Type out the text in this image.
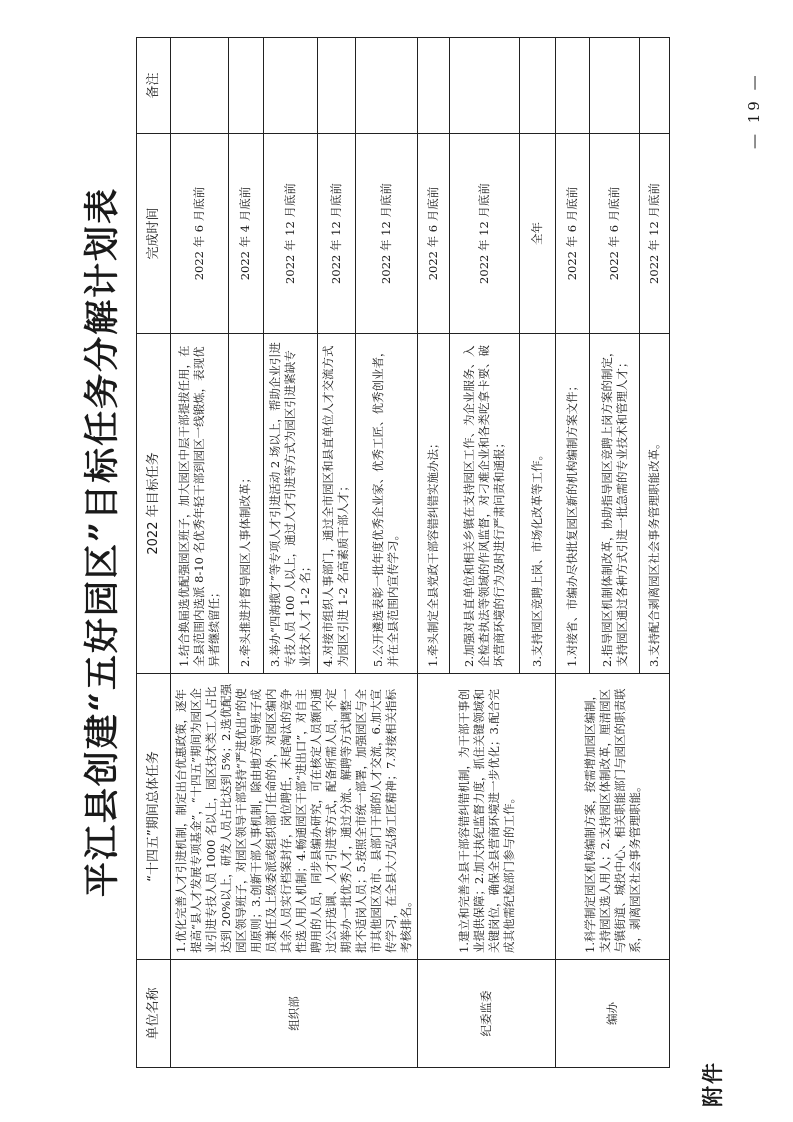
附件
平江县创建“五好园区”目标任务分解计划表
单位名称	“十四五”期间总体任务	2022 年目标任务	完成时间	备注
组织部	1.优化完善人才引进机制，制定出台优惠政策，逐年提高“县人才发展专项基金”，“十四五”期间为园区企业引进专技人员 1000 名以上，园区技术类工人占比达到 20%以上，研发人员占比达到 5%；2.选优配强园区领导班子，对园区领导干部坚持“严进优出”的使用原则；3.创新干部人事机制，除由地方领导班子成员兼任及上级委派或组织部门任命的外，对园区编内其余人员实行档案封存，岗位聘任，末尾淘汰的竞争性选人用人机制；4.畅通园区干部“进出口”，对自主聘用的人员，同步县编办研究，可在核定人员额内通过公开选调、人才引进等方式，配备所需人员，不定期举办一批优秀人才，通过分流、解聘等方式调整一批不适岗人员；5.按照全市统一部署，加强园区与全市其他园区及市、县部门干部的人才交流，6.加大宣传学习，在全县大力弘扬工匠精神；7.对接相关指标考核排名。	1.结合换届选优配强园区班子，加大园区中层干部提拔任用，在全县范围内选派 8-10 名优秀年轻干部到园区一线锻炼，表现优异者继续留任；	2022 年 6 月底前	
		2.牵头推进并督导园区人事体制改革；	2022 年 4 月底前	
		3.举办“四海揽才”等专项人才引进活动 2 场以上，帮助企业引进专技人员 100 人以上，通过人才引进等方式为园区引进紧缺专业技术人才 1-2 名；	2022 年 12 月底前	
		4.对接市组织人事部门，通过全市园区和县直单位人才交流方式为园区引进 1-2 名高素质干部人才；	2022 年 12 月底前	
		5.公开遴选表彰一批年度优秀企业家、优秀工匠、优秀创业者，并在全县范围内宣传学习。	2022 年 12 月底前	
纪委监委	1.建立和完善全县干部容错纠错机制，为干部干事创业提供保障；2.加大执纪监督力度，抓住关键领域和关键岗位，确保全县营商环境进一步优化；3.配合完成其他需纪检部门参与的工作。	1.牵头制定全县党政干部容错纠错实施办法；	2022 年 6 月底前	
		2.加强对县直单位和相关乡镇在支持园区工作、为企业服务、入企检查执法等领域的作风监督，对刁难企业和各类吃拿卡要、破坏营商环境的行为及时进行严肃问责和通报；	2022 年 12 月底前	
		3.支持园区竞聘上岗、市场化改革等工作。	全年	
编办	1.科学制定园区机构编制方案，按需增加园区编制，支持园区选人用人；2.支持园区体制改革，厘清园区与镇街道、城投中心、相关职能部门与园区的职责联系，剥离园区社会事务管理职能。	1.对接省、市编办尽快批复园区新的机构编制方案文件；	2022 年 6 月底前	
		2.指导园区机制体制改革，协助指导园区竞聘上岗方案的制定，支持园区通过各种方式引进一批急需的专业技术和管理人才；	2022 年 6 月底前	
		3.支持配合剥离园区社会事务管理职能改革。	2022 年 12 月底前	
— 19 —
